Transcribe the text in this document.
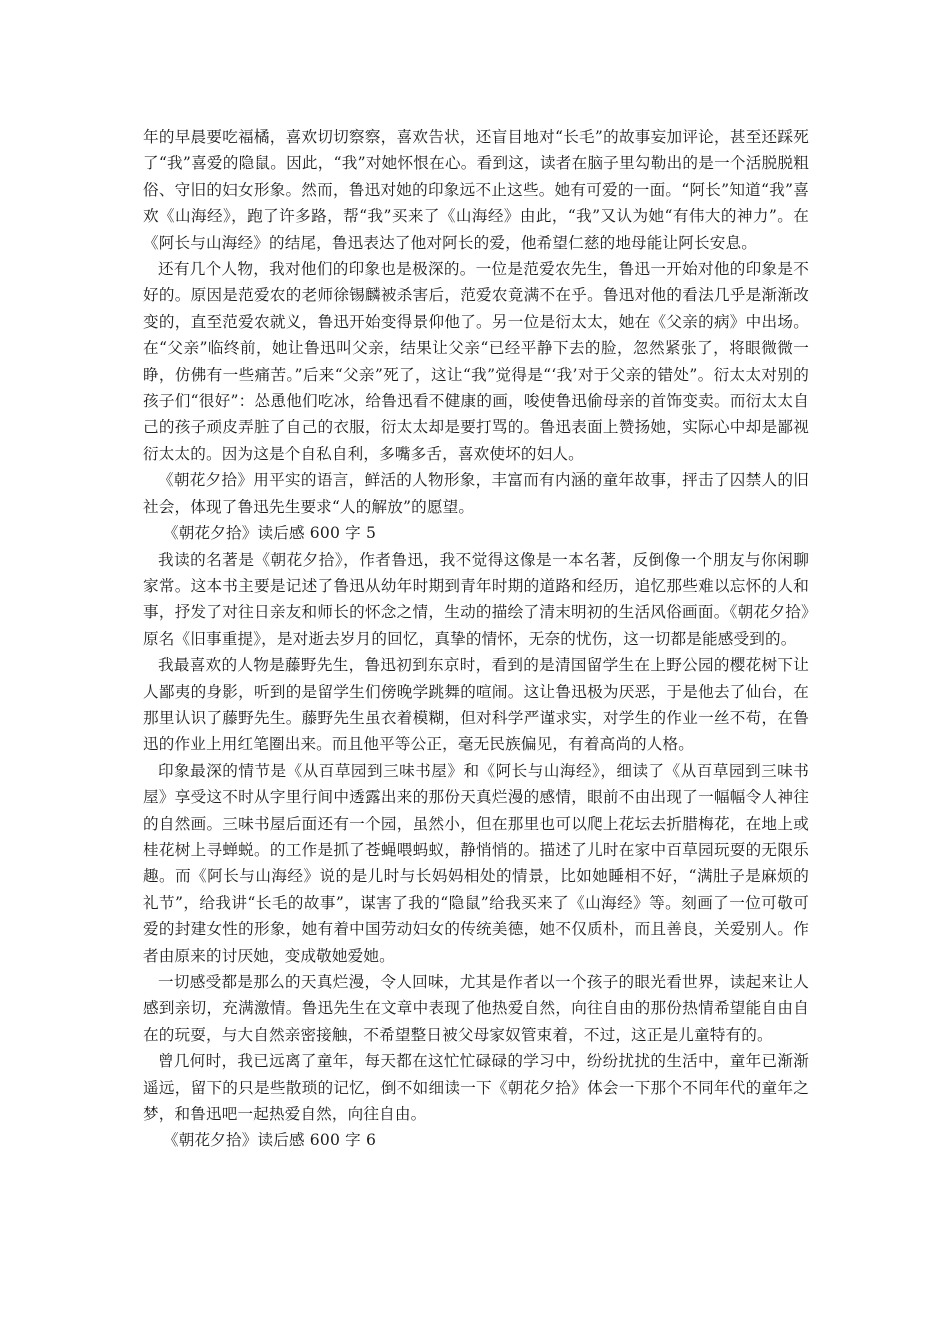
年的早晨要吃福橘，喜欢切切察察，喜欢告状，还盲目地对“长毛”的故事妄加评论，甚至还踩死了“我”喜爱的隐鼠。因此，“我”对她怀恨在心。看到这，读者在脑子里勾勒出的是一个活脱脱粗俗、守旧的妇女形象。然而，鲁迅对她的印象远不止这些。她有可爱的一面。“阿长”知道“我”喜欢《山海经》，跑了许多路，帮“我”买来了《山海经》由此，“我”又认为她“有伟大的神力”。在《阿长与山海经》的结尾，鲁迅表达了他对阿长的爱，他希望仁慈的地母能让阿长安息。

还有几个人物，我对他们的印象也是极深的。一位是范爱农先生，鲁迅一开始对他的印象是不好的。原因是范爱农的老师徐锡麟被杀害后，范爱农竟满不在乎。鲁迅对他的看法几乎是渐渐改变的，直至范爱农就义，鲁迅开始变得景仰他了。另一位是衍太太，她在《父亲的病》中出场。在“父亲”临终前，她让鲁迅叫父亲，结果让父亲“已经平静下去的脸，忽然紧张了，将眼微微一睁，仿佛有一些痛苦。”后来“父亲”死了，这让“我”觉得是“‘我’对于父亲的错处”。衍太太对别的孩子们“很好”：怂恿他们吃冰，给鲁迅看不健康的画，唆使鲁迅偷母亲的首饰变卖。而衍太太自己的孩子顽皮弄脏了自己的衣服，衍太太却是要打骂的。鲁迅表面上赞扬她，实际心中却是鄙视衍太太的。因为这是个自私自利，多嘴多舌，喜欢使坏的妇人。

《朝花夕拾》用平实的语言，鲜活的人物形象，丰富而有内涵的童年故事，抨击了囚禁人的旧社会，体现了鲁迅先生要求“人的解放”的愿望。

《朝花夕拾》读后感 600 字 5

我读的名著是《朝花夕拾》，作者鲁迅，我不觉得这像是一本名著，反倒像一个朋友与你闲聊家常。这本书主要是记述了鲁迅从幼年时期到青年时期的道路和经历，追忆那些难以忘怀的人和事，抒发了对往日亲友和师长的怀念之情，生动的描绘了清末明初的生活风俗画面。《朝花夕拾》原名《旧事重提》，是对逝去岁月的回忆，真挚的情怀，无奈的忧伤，这一切都是能感受到的。

我最喜欢的人物是藤野先生，鲁迅初到东京时，看到的是清国留学生在上野公园的樱花树下让人鄙夷的身影，听到的是留学生们傍晚学跳舞的喧闹。这让鲁迅极为厌恶，于是他去了仙台，在那里认识了藤野先生。藤野先生虽衣着模糊，但对科学严谨求实，对学生的作业一丝不苟，在鲁迅的作业上用红笔圈出来。而且他平等公正，毫无民族偏见，有着高尚的人格。

印象最深的情节是《从百草园到三味书屋》和《阿长与山海经》，细读了《从百草园到三味书屋》享受这不时从字里行间中透露出来的那份天真烂漫的感情，眼前不由出现了一幅幅令人神往的自然画。三味书屋后面还有一个园，虽然小，但在那里也可以爬上花坛去折腊梅花，在地上或桂花树上寻蝉蜕。的工作是抓了苍蝇喂蚂蚁，静悄悄的。描述了儿时在家中百草园玩耍的无限乐趣。而《阿长与山海经》说的是儿时与长妈妈相处的情景，比如她睡相不好，“满肚子是麻烦的礼节”，给我讲“长毛的故事”，谋害了我的“隐鼠”给我买来了《山海经》等。刻画了一位可敬可爱的封建女性的形象，她有着中国劳动妇女的传统美德，她不仅质朴，而且善良，关爱别人。作者由原来的讨厌她，变成敬她爱她。

一切感受都是那么的天真烂漫，令人回味，尤其是作者以一个孩子的眼光看世界，读起来让人感到亲切，充满激情。鲁迅先生在文章中表现了他热爱自然，向往自由的那份热情希望能自由自在的玩耍，与大自然亲密接触，不希望整日被父母家奴管束着，不过，这正是儿童特有的。

曾几何时，我已远离了童年，每天都在这忙忙碌碌的学习中，纷纷扰扰的生活中，童年已渐渐遥远，留下的只是些散琐的记忆，倒不如细读一下《朝花夕拾》体会一下那个不同年代的童年之梦，和鲁迅吧一起热爱自然，向往自由。

《朝花夕拾》读后感 600 字 6
